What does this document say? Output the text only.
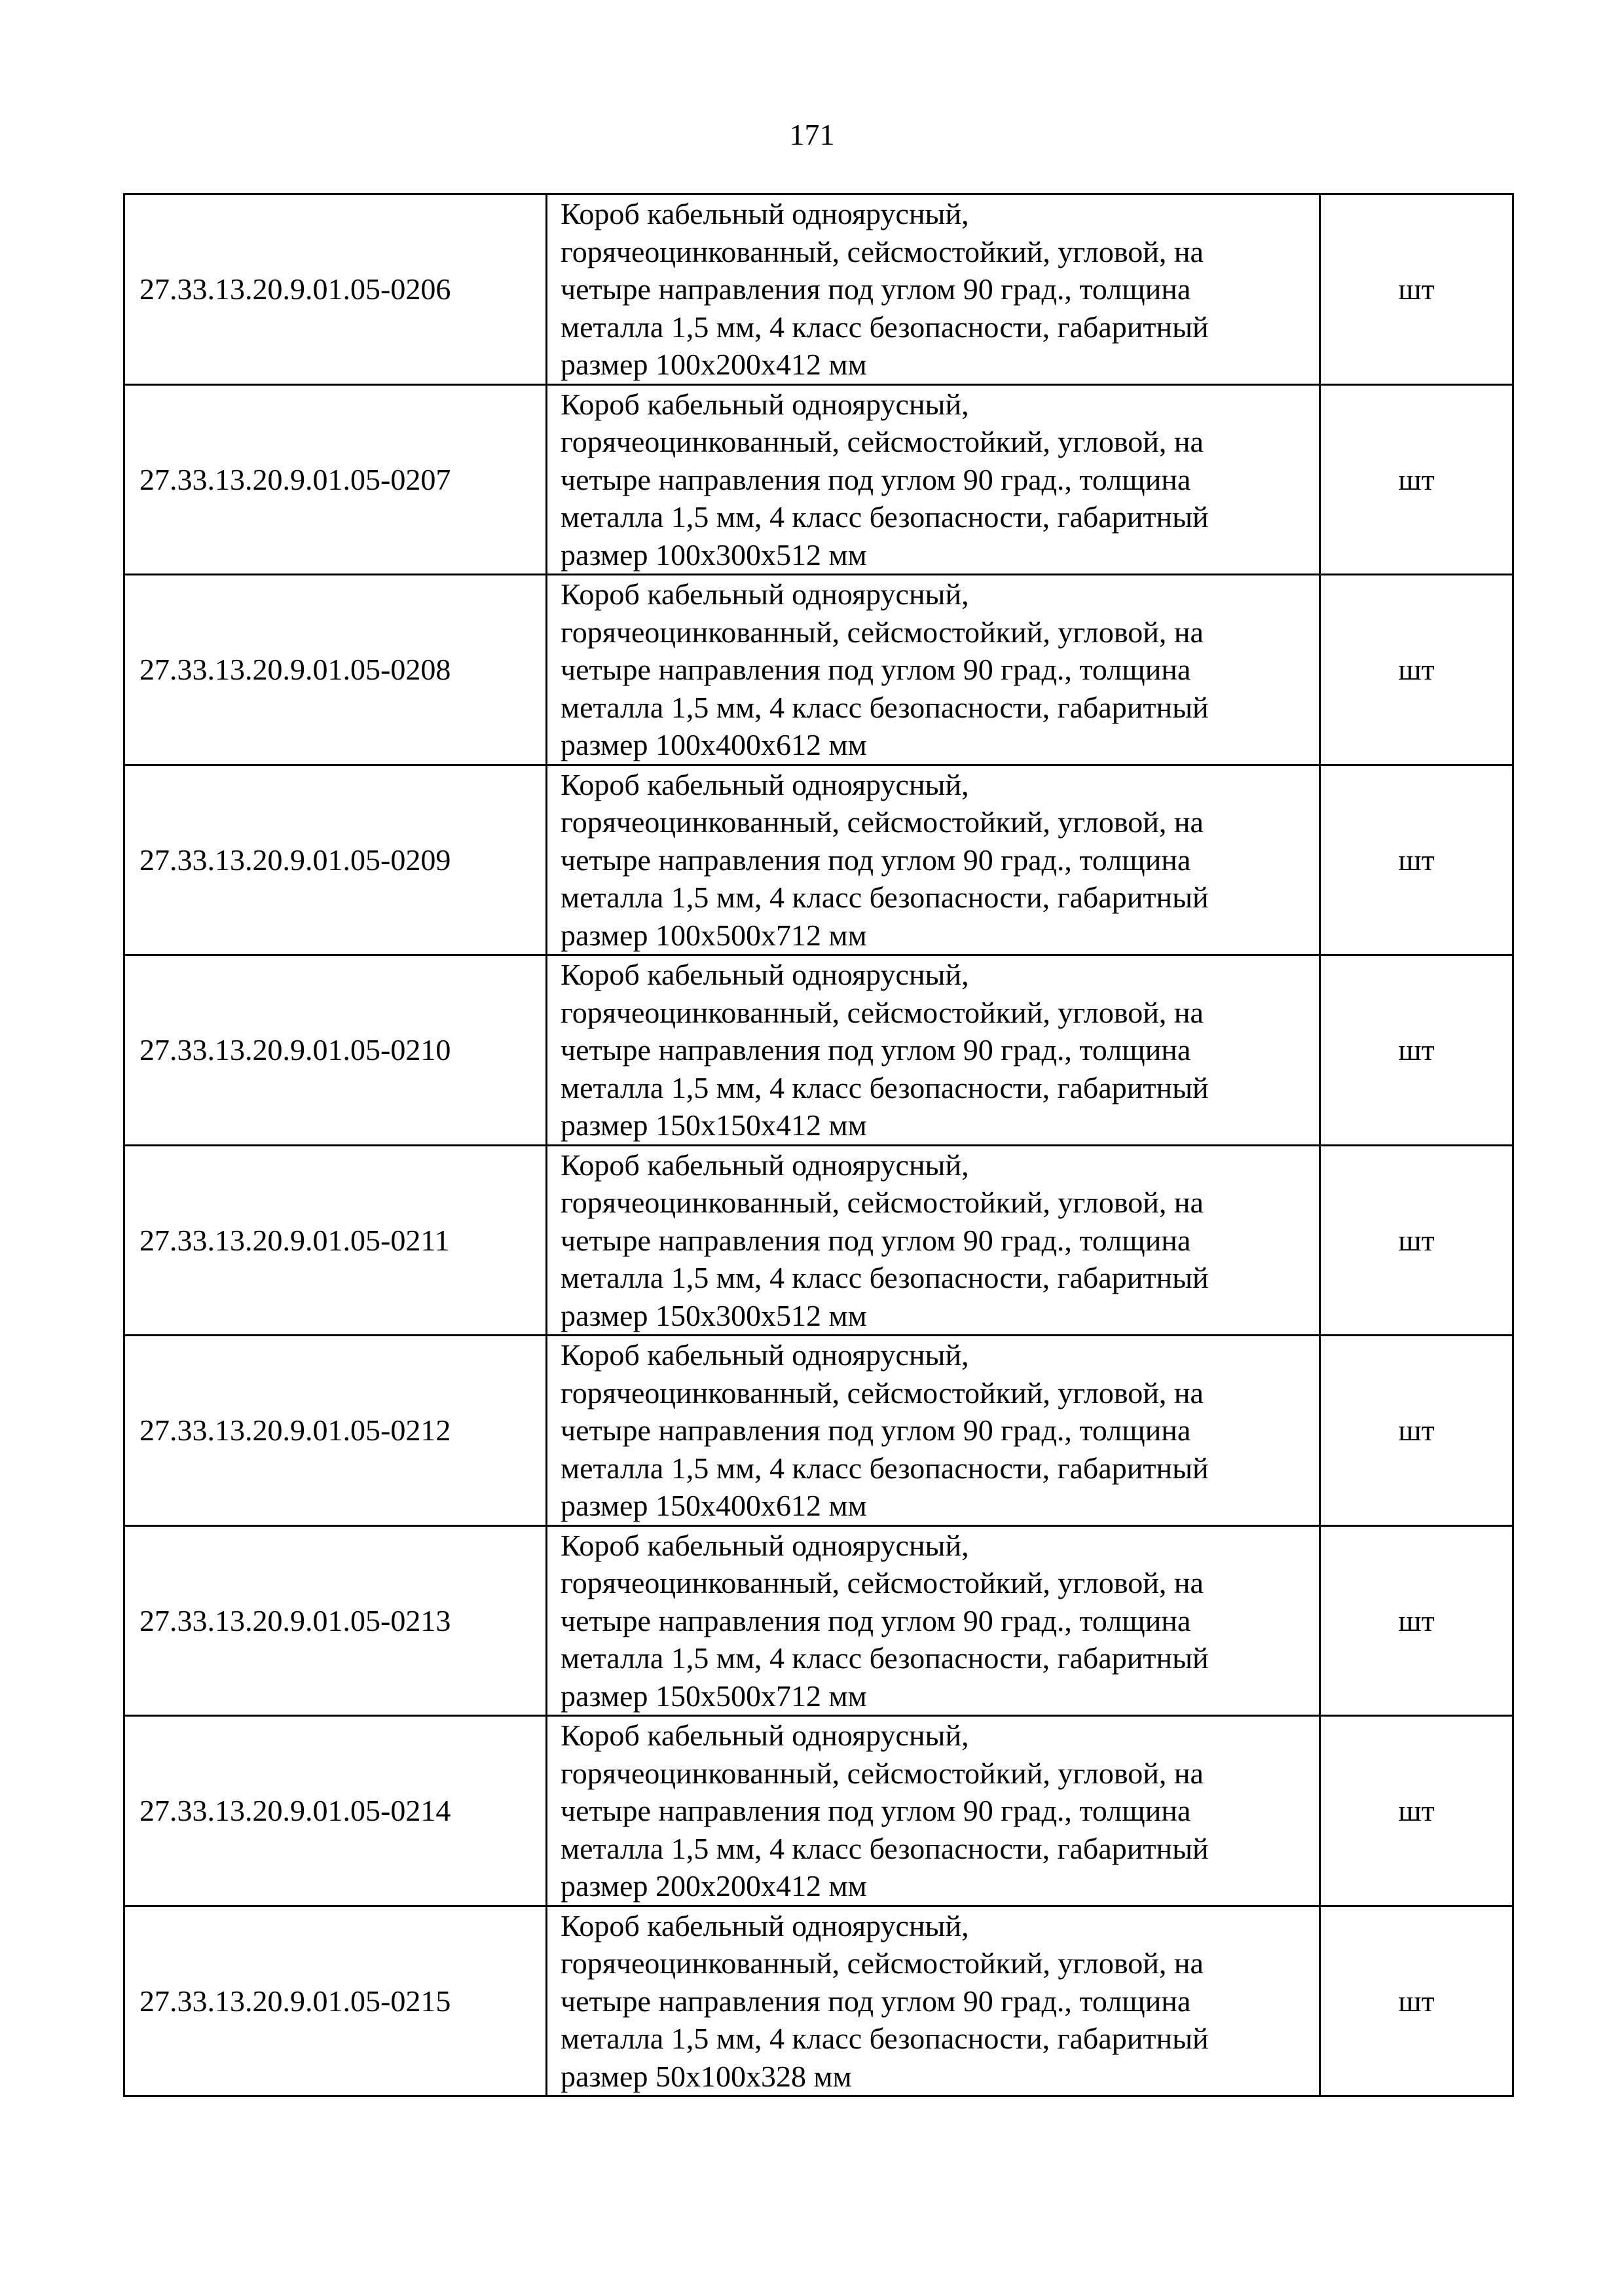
171
27.33.13.20.9.01.05-0206	Короб кабельный одноярусный,
горячеоцинкованный, сейсмостойкий, угловой, на
четыре направления под углом 90 град., толщина
металла 1,5 мм, 4 класс безопасности, габаритный
размер 100х200х412 мм	шт
27.33.13.20.9.01.05-0207	Короб кабельный одноярусный,
горячеоцинкованный, сейсмостойкий, угловой, на
четыре направления под углом 90 град., толщина
металла 1,5 мм, 4 класс безопасности, габаритный
размер 100х300х512 мм	шт
27.33.13.20.9.01.05-0208	Короб кабельный одноярусный,
горячеоцинкованный, сейсмостойкий, угловой, на
четыре направления под углом 90 град., толщина
металла 1,5 мм, 4 класс безопасности, габаритный
размер 100х400х612 мм	шт
27.33.13.20.9.01.05-0209	Короб кабельный одноярусный,
горячеоцинкованный, сейсмостойкий, угловой, на
четыре направления под углом 90 град., толщина
металла 1,5 мм, 4 класс безопасности, габаритный
размер 100х500х712 мм	шт
27.33.13.20.9.01.05-0210	Короб кабельный одноярусный,
горячеоцинкованный, сейсмостойкий, угловой, на
четыре направления под углом 90 град., толщина
металла 1,5 мм, 4 класс безопасности, габаритный
размер 150х150х412 мм	шт
27.33.13.20.9.01.05-0211	Короб кабельный одноярусный,
горячеоцинкованный, сейсмостойкий, угловой, на
четыре направления под углом 90 град., толщина
металла 1,5 мм, 4 класс безопасности, габаритный
размер 150х300х512 мм	шт
27.33.13.20.9.01.05-0212	Короб кабельный одноярусный,
горячеоцинкованный, сейсмостойкий, угловой, на
четыре направления под углом 90 град., толщина
металла 1,5 мм, 4 класс безопасности, габаритный
размер 150х400х612 мм	шт
27.33.13.20.9.01.05-0213	Короб кабельный одноярусный,
горячеоцинкованный, сейсмостойкий, угловой, на
четыре направления под углом 90 град., толщина
металла 1,5 мм, 4 класс безопасности, габаритный
размер 150х500х712 мм	шт
27.33.13.20.9.01.05-0214	Короб кабельный одноярусный,
горячеоцинкованный, сейсмостойкий, угловой, на
четыре направления под углом 90 град., толщина
металла 1,5 мм, 4 класс безопасности, габаритный
размер 200х200х412 мм	шт
27.33.13.20.9.01.05-0215	Короб кабельный одноярусный,
горячеоцинкованный, сейсмостойкий, угловой, на
четыре направления под углом 90 град., толщина
металла 1,5 мм, 4 класс безопасности, габаритный
размер 50х100х328 мм	шт
